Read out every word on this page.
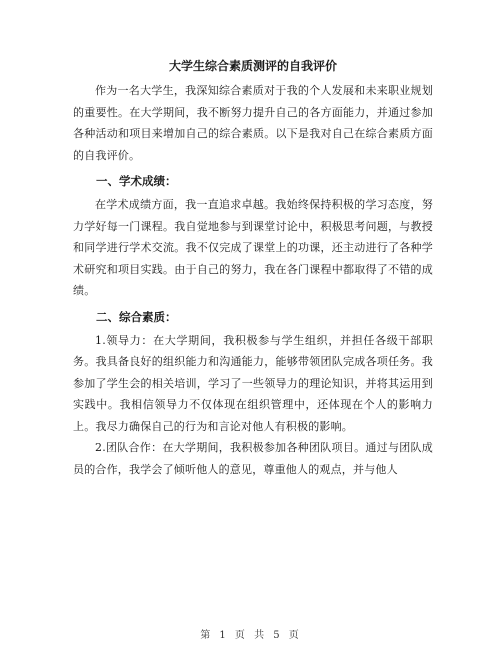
大学生综合素质测评的自我评价

作为一名大学生，我深知综合素质对于我的个人发展和未来职业规划的重要性。在大学期间，我不断努力提升自己的各方面能力，并通过参加各种活动和项目来增加自己的综合素质。以下是我对自己在综合素质方面的自我评价。

一、学术成绩：

在学术成绩方面，我一直追求卓越。我始终保持积极的学习态度，努力学好每一门课程。我自觉地参与到课堂讨论中，积极思考问题，与教授和同学进行学术交流。我不仅完成了课堂上的功课，还主动进行了各种学术研究和项目实践。由于自己的努力，我在各门课程中都取得了不错的成绩。

二、综合素质：

1.领导力：在大学期间，我积极参与学生组织，并担任各级干部职务。我具备良好的组织能力和沟通能力，能够带领团队完成各项任务。我参加了学生会的相关培训，学习了一些领导力的理论知识，并将其运用到实践中。我相信领导力不仅体现在组织管理中，还体现在个人的影响力上。我尽力确保自己的行为和言论对他人有积极的影响。

2.团队合作：在大学期间，我积极参加各种团队项目。通过与团队成员的合作，我学会了倾听他人的意见，尊重他人的观点，并与他人

第 1 页 共 5 页
